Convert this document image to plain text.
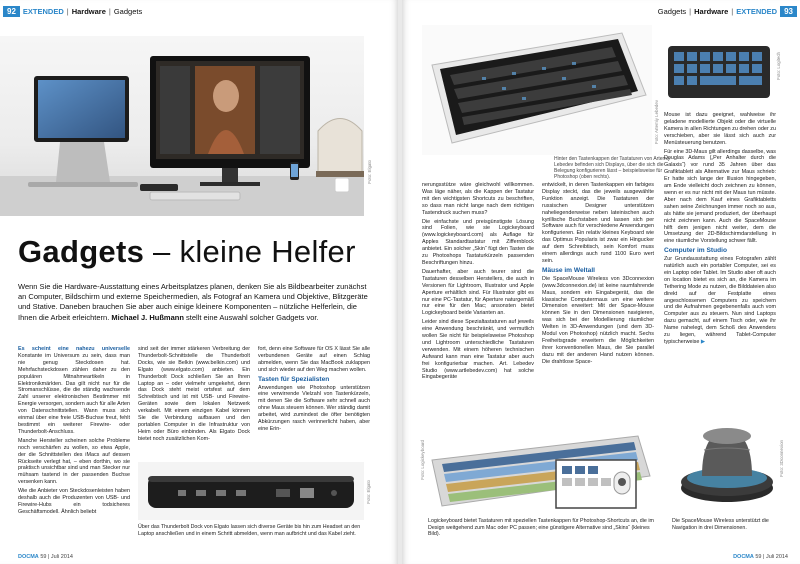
92 EXTENDED | Hardware | Gadgets
Foto: Elgato
Gadgets – kleine Helfer
Wenn Sie die Hardware-Ausstattung eines Arbeitsplatzes planen, denken Sie als Bildbearbeiter zunächst an Computer, Bildschirm und externe Speichermedien, als Fotograf an Kamera und Objektive, Blitzgeräte und Stative. Daneben brauchen Sie aber auch einige kleinere Komponenten – nützliche Helferlein, die Ihnen die Arbeit erleichtern. Michael J. Hußmann stellt eine Auswahl solcher Gadgets vor.

Es scheint eine nahezu universelle Konstante im Universum zu sein, dass man nie genug Steckdosen hat. Mehrfachsteckdosen zählen daher zu den populären Mitnahmeartikeln in Elektronikmärkten. Das gilt nicht nur für die Stromanschlüsse, die die ständig wachsende Zahl unserer elektronischen Bestimmer mit Energie versorgen, sondern auch für alle Arten von Datenschnittstellen. Wann muss sich einmal über eine freie USB-Buchse freut, fehlt bestimmt ein weiterer Firewire- oder Thunderbolt-Anschluss.

Manche Hersteller scheinen solche Probleme noch verschärfen zu wollen, so etwa Apple, der die Schnittstellen des iMacs auf dessen Rückseite verlegt hat, – eben dorthin, wo sie praktisch unsichtbar sind und man Stecker nur mühsam tastend in der passenden Buchse versenken kann.

Wie die Anbieter von Steckdosenleisten haben deshalb auch die Produzenten von USB- und Firewire-Hubs ein todsicheres Geschäftsmodell. Ähnlich beliebt

sind seit der immer stärkeren Verbreitung der Thunderbolt-Schnittstelle die Thunderbolt Docks, wie sie Belkin (www.belkin.com) und Elgato (www.elgato.com) anbieten. Ein Thunderbolt Dock schließen Sie an Ihren Laptop an – oder vielmehr umgekehrt, denn das Dock steht meist ortsfest auf dem Schreibtisch und ist mit USB- und Firewire-Geräten sowie dem lokalen Netzwerk verkabelt. Mit einem einzigen Kabel können Sie die Verbindung aufbauen und den portablen Computer in die Infrastruktur von Heim oder Büro einbinden. Als Elgato Dock bietet noch zusätzlichen Kom-

fort, denn eine Software für OS X lässt Sie alle verbundenen Geräte auf einen Schlag abmelden, wenn Sie das MacBook zuklappen und sich wieder auf den Weg machen wollen.

Tasten für Spezialisten

Anwendungen wie Photoshop unterstützen eine verwirrende Vielzahl von Tastenkürzeln, mit denen Sie die Software sehr schnell auch ohne Maus steuern können. Wer ständig damit arbeitet, wird zumindest die öfter benötigten Abkürzungen rasch verinnerlicht haben, aber eine Erin-

Foto: Elgato
Über das Thunderbolt Dock von Elgato lassen sich diverse Geräte bis hin zum Headset an den Laptop anschließen und in einem Schritt abmelden, wenn man aufbricht und das Kabel zieht.
DOCMA 59 | Juli 2014
Gadgets | Hardware | EXTENDED 93
Hinter den Tastenkappen der Tastaturen von Artemiy Lebedev befinden sich Displays, über die sich die Belegung konfigurieren lässt – beispielsweise für Photoshop (oben rechts).
Foto: Artemiy Lebedev
Foto: Logitech

nerungsstütze wäre gleichwohl willkommen. Was läge näher, als die Kappen der Tastatur mit den wichtigsten Shortcuts zu beschriften, so dass man nicht lange nach dem richtigen Tastendruck suchen muss?

Die einfachste und preisgünstigste Lösung sind Folien, wie sie Logickeyboard (www.logickeyboard.com) als Auflage für Apples Standardtastatur mit Ziffernblock anbietet. Ein solcher „Skin“ fügt den Tasten die zu Photoshops Tastaturkürzeln passenden Beschriftungen hinzu.

Dauerhafter, aber auch teurer sind die Tastaturen desselben Herstellers, die auch in Versionen für Lightroom, Illustrator und Apple Aperture erhältlich sind. Für Illustrator gibt es nur eine PC-Tastatur, für Aperture naturgemäß nur eine für den Mac; ansonsten bietet Logickeyboard beide Varianten an.

Leider sind diese Spezialtastaturen auf jeweils eine Anwendung beschränkt, und vermutlich wollen Sie nicht für beispielsweise Photoshop und Lightroom unterschiedliche Tastaturen verwenden. Mit einem höheren technischen Aufwand kann man eine Tastatur aber auch frei konfigurierbar machen. Art. Lebedev Studio (www.artlebedev.com) hat solche Eingabegeräte

entwickelt, in deren Tastenkappen ein farbiges Display steckt, das die jeweils ausgewählte Funktion anzeigt. Die Tastaturen der russischen Designer unterstützen naheliegenderweise neben lateinischen auch kyrillische Buchstaben und lassen sich per Software auch für verschiedene Anwendungen konfigurieren. Ein relativ kleines Keyboard wie das Optimus Popularis ist zwar ein Hingucker auf dem Schreibtisch, sein Komfort muss einem allerdings auch rund 1100 Euro wert sein.

Mäuse im Weltall

Die SpaceMouse Wireless von 3Dconnexion (www.3dconnexion.de) ist keine raumfahrende Maus, sondern ein Eingabegerät, das die klassische Computermaus um eine weitere Dimension erweitert: Mit der Space-Mouse können Sie in den Dimensionen navigieren, was sich bei der Modellierung räumlicher Welten in 3D-Anwendungen (und dem 3D-Modul von Photoshop) nützlich macht. Sechs Freiheitsgrade erweitern die Möglichkeiten ihrer konventionellen Maus, die Sie parallel dazu mit der anderen Hand nutzen können. Die drahtlose Space-

Mouse ist dazu geeignet, wahlweise ihr geladene modellierte Objekt oder die virtuelle Kamera in allen Richtungen zu drehen oder zu verschieben, aber sie lässt sich auch zur Menüsteuerung benutzen.

Für eine 3D-Maus gilt allerdings dasselbe, was Douglas Adams („Per Anhalter durch die Galaxis“) vor rund 35 Jahren über das Grafiktablett als Alternative zur Maus schrieb: Er hatte sich lange der Illusion hingegeben, am Ende vielleicht doch zeichnen zu können, wenn er es nur nicht mit der Maus tun müsste. Aber nach dem Kauf eines Grafiktabletts sahen seine Zeichnungen immer noch so aus, als hätte sie jemand produziert, der überhaupt nicht zeichnen kann. Auch die SpaceMouse hilft dem jenigen nicht weiter, dem die Umsetzung der 2D-Bildschirmdarstellung in eine räumliche Vorstellung schwer fällt.

Computer im Studio

Zur Grundausstattung eines Fotografen zählt natürlich auch ein portabler Computer, sei es ein Laptop oder Tablet. Im Studio aber oft auch on location bietet es sich an, die Kamera im Tethering Mode zu nutzen, die Bilddateien also direkt auf der Festplatte eines angeschlossenen Computers zu speichern und die Aufnahmen gegebenenfalls auch vom Computer aus zu steuern. Nun sind Laptops dazu gemacht, auf einem Tisch oder, wie ihr Name nahelegt, dem Schoß des Anwenders zu liegen, während Tablet-Computer typischerweise ▶

Foto: Logickeyboard
Logickeyboard bietet Tastaturen mit speziellen Tastenkappen für Photoshop-Shortcuts an, die im Design weitgehend zum Mac oder PC passen; eine günstigere Alternative sind „Skins“ (kleines Bild).
Foto: 3Dconnexion
Die SpaceMouse Wireless unterstützt die Navigation in drei Dimensionen.
DOCMA 59 | Juli 2014
